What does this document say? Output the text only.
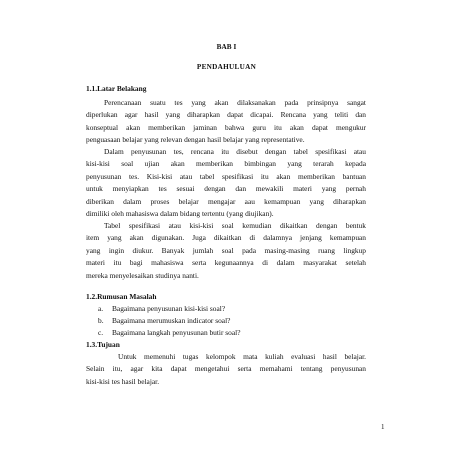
BAB I
PENDAHULUAN
1.1.Latar Belakang

Perencanaan suatu tes yang akan dilaksanakan pada prinsipnya sangat
diperlukan agar hasil yang diharapkan dapat dicapai. Rencana yang teliti dan
konseptual akan memberikan jaminan bahwa guru itu akan dapat mengukur
penguasaan belajar yang relevan dengan hasil belajar yang representative.

Dalam penyusunan tes, rencana itu disebut dengan tabel spesifikasi atau
kisi-kisi soal ujian akan memberikan bimbingan yang terarah kepada
penyusunan tes. Kisi-kisi atau tabel spesifikasi itu akan memberikan bantuan
untuk menyiapkan tes sesuai dengan dan mewakili materi yang pernah
diberikan dalam proses belajar mengajar aau kemampuan yang diharapkan
dimiliki oleh mahasiswa dalam bidang tertentu (yang diujikan).

Tabel spesifikasi atau kisi-kisi soal kemudian dikaitkan dengan bentuk
item yang akan digunakan. Juga dikaitkan di dalamnya jenjang kemampuan
yang ingin diukur. Banyak jumlah soal pada masing-masing ruang lingkup
materi itu bagi mahasiswa serta kegunaannya di dalam masyarakat setelah
mereka menyelesaikan studinya nanti.

1.2.Rumusan Masalah
a. Bagaimana penyusunan kisi-kisi soal?
b. Bagaimana merumuskan indicator soal?
c. Bagaimana langkah penyusunan butir soal?
1.3.Tujuan

Untuk memenuhi tugas kelompok mata kuliah evaluasi hasil belajar.
Selain itu, agar kita dapat mengetahui serta memahami tentang penyusunan
kisi-kisi tes hasil belajar.

1
